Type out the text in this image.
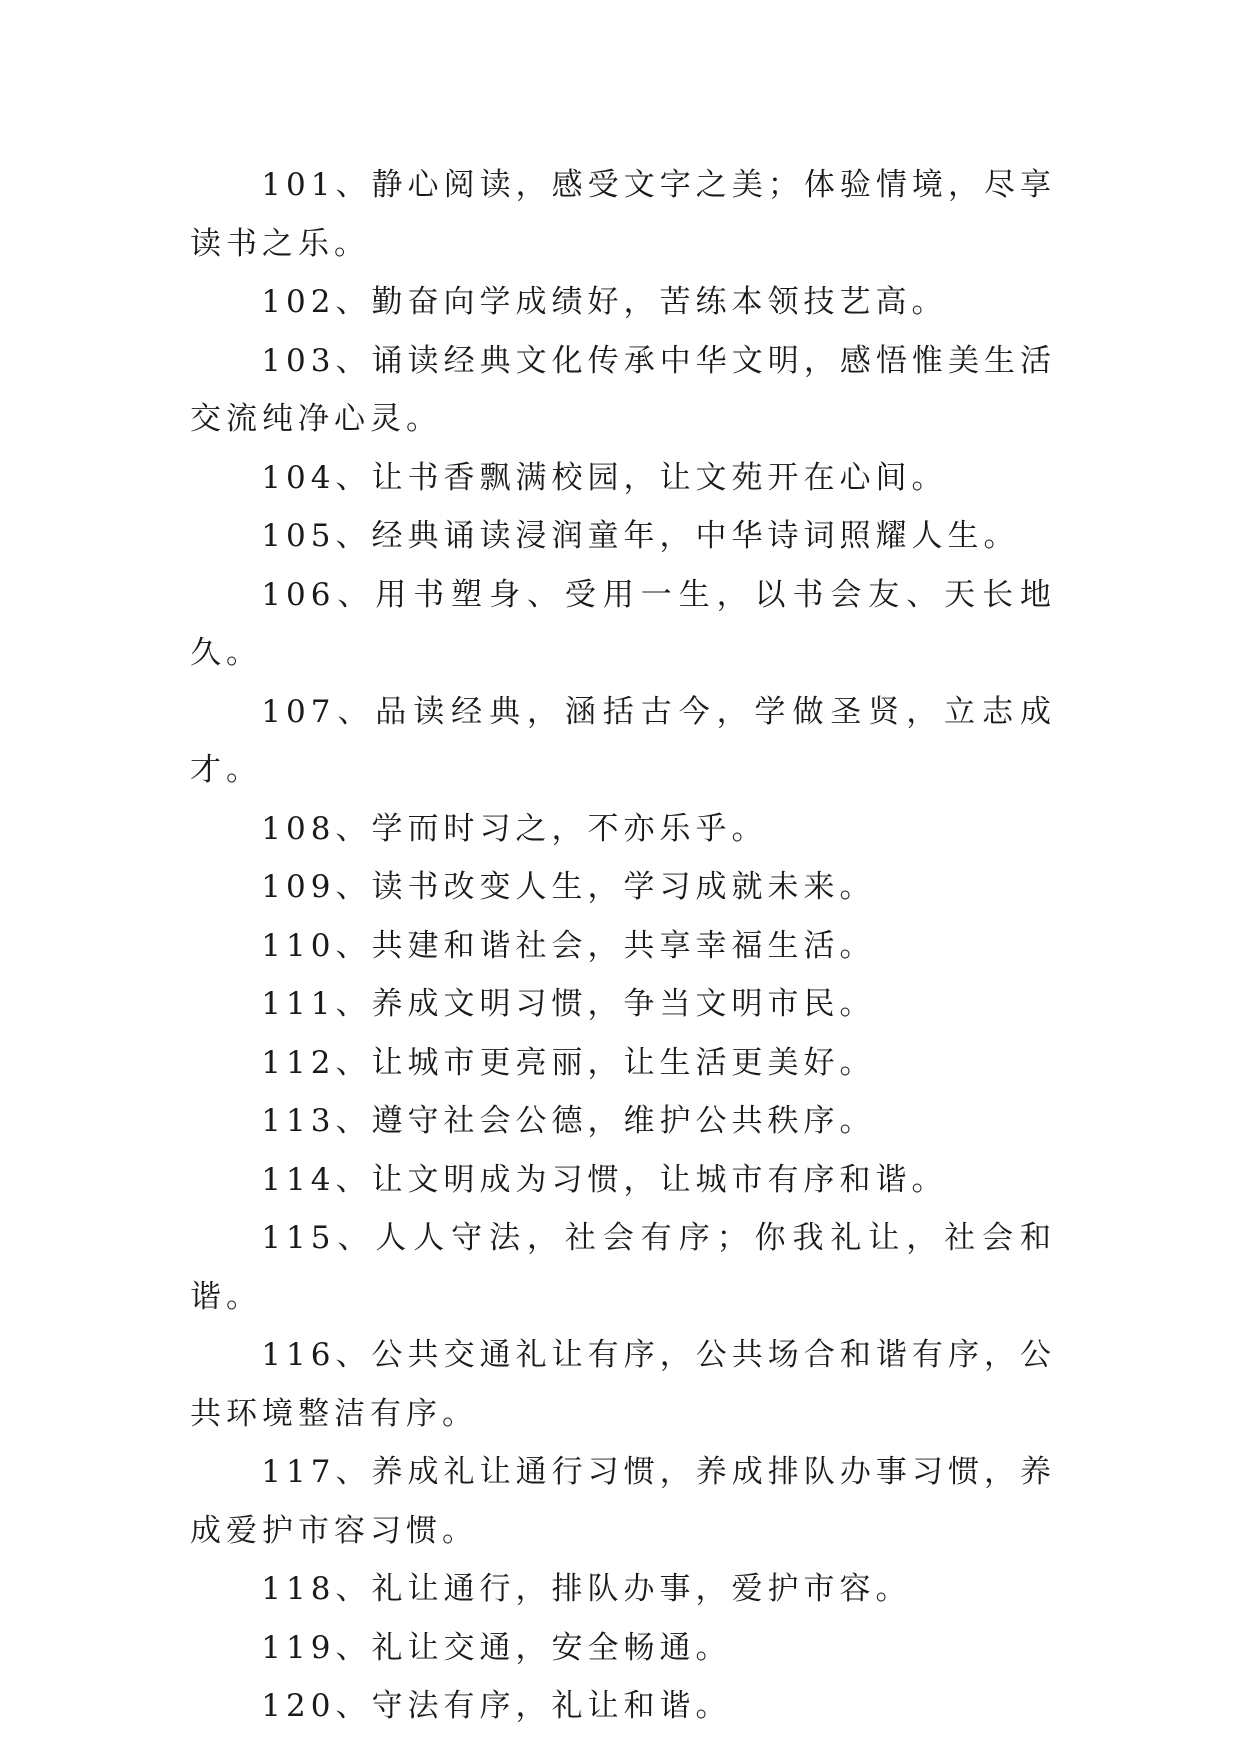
101、静心阅读，感受文字之美；体验情境，尽享读书之乐。

102、勤奋向学成绩好，苦练本领技艺高。

103、诵读经典文化传承中华文明，感悟惟美生活交流纯净心灵。

104、让书香飘满校园，让文苑开在心间。

105、经典诵读浸润童年，中华诗词照耀人生。

106、用书塑身、受用一生，以书会友、天长地久。

107、品读经典，涵括古今，学做圣贤，立志成才。

108、学而时习之，不亦乐乎。

109、读书改变人生，学习成就未来。

110、共建和谐社会，共享幸福生活。

111、养成文明习惯，争当文明市民。

112、让城市更亮丽，让生活更美好。

113、遵守社会公德，维护公共秩序。

114、让文明成为习惯，让城市有序和谐。

115、人人守法，社会有序；你我礼让，社会和谐。

116、公共交通礼让有序，公共场合和谐有序，公共环境整洁有序。

117、养成礼让通行习惯，养成排队办事习惯，养成爱护市容习惯。

118、礼让通行，排队办事，爱护市容。

119、礼让交通，安全畅通。

120、守法有序，礼让和谐。
